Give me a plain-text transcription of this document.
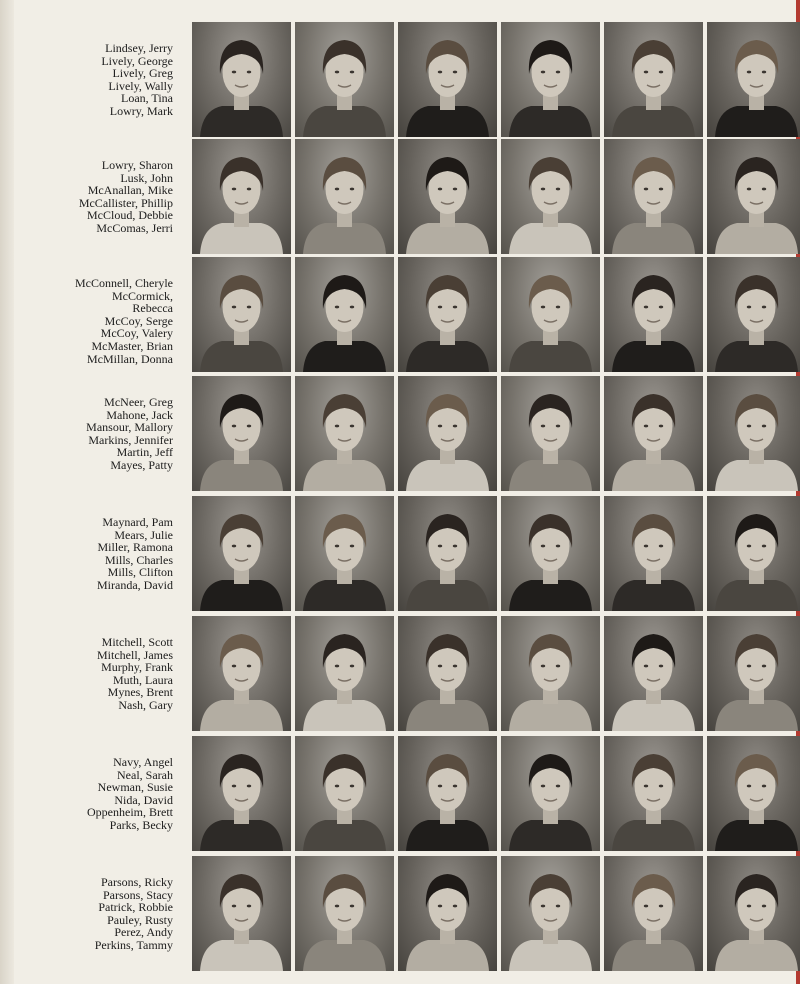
Lindsey, Jerry
Lively, George
Lively, Greg
Lively, Wally
Loan, Tina
Lowry, Mark
Lowry, Sharon
Lusk, John
McAnallan, Mike
McCallister, Phillip
McCloud, Debbie
McComas, Jerri
McConnell, Cheryle
McCormick,
Rebecca
McCoy, Serge
McCoy, Valery
McMaster, Brian
McMillan, Donna
McNeer, Greg
Mahone, Jack
Mansour, Mallory
Markins, Jennifer
Martin, Jeff
Mayes, Patty
Maynard, Pam
Mears, Julie
Miller, Ramona
Mills, Charles
Mills, Clifton
Miranda, David
Mitchell, Scott
Mitchell, James
Murphy, Frank
Muth, Laura
Mynes, Brent
Nash, Gary
Navy, Angel
Neal, Sarah
Newman, Susie
Nida, David
Oppenheim, Brett
Parks, Becky
Parsons, Ricky
Parsons, Stacy
Patrick, Robbie
Pauley, Rusty
Perez, Andy
Perkins, Tammy
